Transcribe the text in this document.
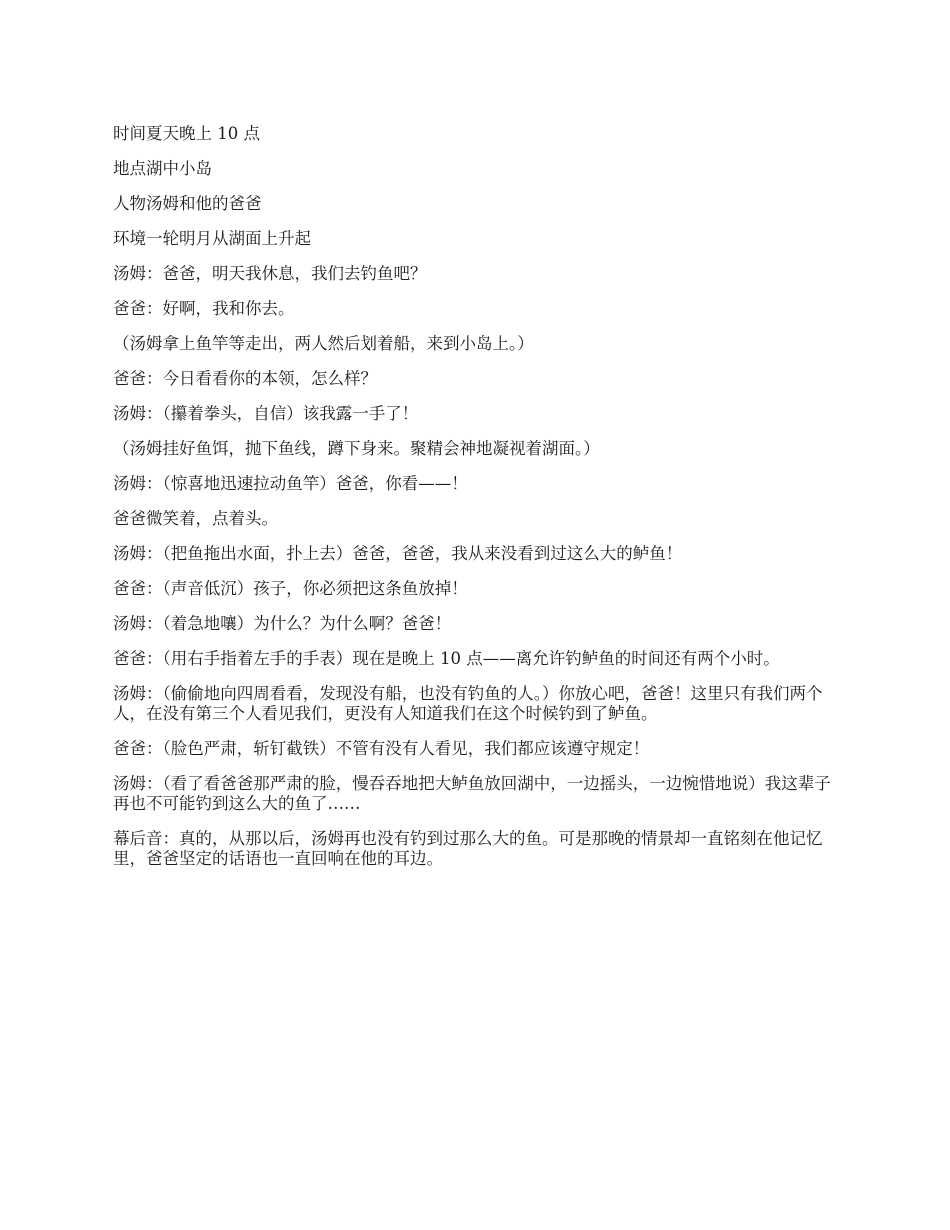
时间夏天晚上 10 点

地点湖中小岛

人物汤姆和他的爸爸

环境一轮明月从湖面上升起

汤姆：爸爸，明天我休息，我们去钓鱼吧？

爸爸：好啊，我和你去。

（汤姆拿上鱼竿等走出，两人然后划着船，来到小岛上。）

爸爸：今日看看你的本领，怎么样？

汤姆：（攥着拳头，自信）该我露一手了！

（汤姆挂好鱼饵，抛下鱼线，蹲下身来。聚精会神地凝视着湖面。）

汤姆：（惊喜地迅速拉动鱼竿）爸爸，你看——！

爸爸微笑着，点着头。

汤姆：（把鱼拖出水面，扑上去）爸爸，爸爸，我从来没看到过这么大的鲈鱼！

爸爸：（声音低沉）孩子，你必须把这条鱼放掉！

汤姆：（着急地嚷）为什么？为什么啊？爸爸！

爸爸：（用右手指着左手的手表）现在是晚上 10 点——离允许钓鲈鱼的时间还有两个小时。

汤姆：（偷偷地向四周看看，发现没有船，也没有钓鱼的人。）你放心吧，爸爸！这里只有我们两个人，在没有第三个人看见我们，更没有人知道我们在这个时候钓到了鲈鱼。

爸爸：（脸色严肃，斩钉截铁）不管有没有人看见，我们都应该遵守规定！

汤姆：（看了看爸爸那严肃的脸，慢吞吞地把大鲈鱼放回湖中，一边摇头，一边惋惜地说）我这辈子再也不可能钓到这么大的鱼了……

幕后音：真的，从那以后，汤姆再也没有钓到过那么大的鱼。可是那晚的情景却一直铭刻在他记忆里，爸爸坚定的话语也一直回响在他的耳边。
